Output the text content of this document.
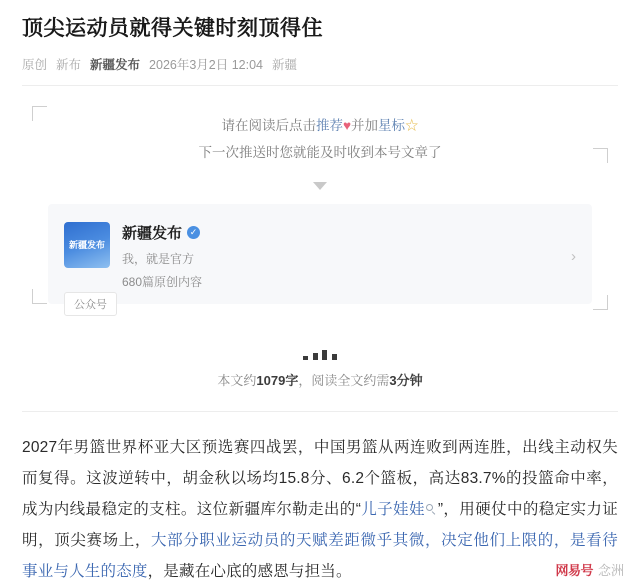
顶尖运动员就得关键时刻顶得住
原创 新布 新疆发布 2026年3月2日 12:04 新疆
请在阅读后点击推荐♥并加星标☆
下一次推送时您就能及时收到本号文章了
新疆发布
新疆发布 ✓
我，就是官方
680篇原创内容
›
公众号
本文约1079字，阅读全文约需3分钟

2027年男篮世界杯亚大区预选赛四战罢，中国男篮从两连败到两连胜，出线主动权失而复得。这波逆转中，胡金秋以场均15.8分、6.2个篮板，高达83.7%的投篮命中率，成为内线最稳定的支柱。这位新疆库尔勒走出的“儿子娃娃 ”，用硬仗中的稳定实力证明，顶尖赛场上，大部分职业运动员的天赋差距微乎其微，决定他们上限的，是看待事业与人生的态度，是藏在心底的感恩与担当。	网易号 念洲
